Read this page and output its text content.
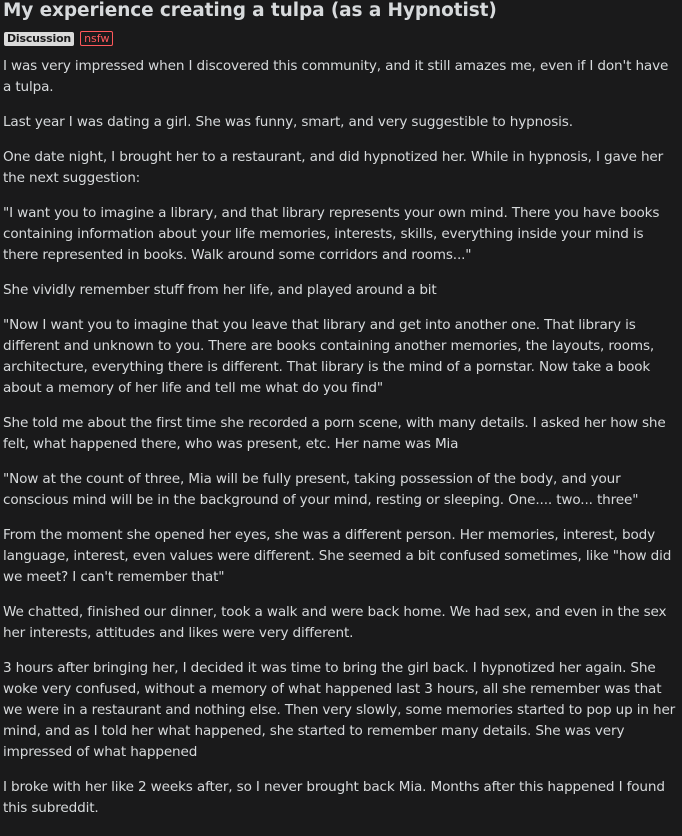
My experience creating a tulpa (as a Hypnotist)
Discussion	nsfw

I was very impressed when I discovered this community, and it still amazes me, even if I don't have a tulpa.

Last year I was dating a girl. She was funny, smart, and very suggestible to hypnosis.

One date night, I brought her to a restaurant, and did hypnotized her. While in hypnosis, I gave her the next suggestion:

"I want you to imagine a library, and that library represents your own mind. There you have books containing information about your life memories, interests, skills, everything inside your mind is there represented in books. Walk around some corridors and rooms..."

She vividly remember stuff from her life, and played around a bit

"Now I want you to imagine that you leave that library and get into another one. That library is different and unknown to you. There are books containing another memories, the layouts, rooms, architecture, everything there is different. That library is the mind of a pornstar. Now take a book about a memory of her life and tell me what do you find"

She told me about the first time she recorded a porn scene, with many details. I asked her how she felt, what happened there, who was present, etc. Her name was Mia

"Now at the count of three, Mia will be fully present, taking possession of the body, and your conscious mind will be in the background of your mind, resting or sleeping. One.... two... three"

From the moment she opened her eyes, she was a different person. Her memories, interest, body language, interest, even values were different. She seemed a bit confused sometimes, like "how did we meet? I can't remember that"

We chatted, finished our dinner, took a walk and were back home. We had sex, and even in the sex her interests, attitudes and likes were very different.

3 hours after bringing her, I decided it was time to bring the girl back. I hypnotized her again. She woke very confused, without a memory of what happened last 3 hours, all she remember was that we were in a restaurant and nothing else. Then very slowly, some memories started to pop up in her mind, and as I told her what happened, she started to remember many details. She was very impressed of what happened

I broke with her like 2 weeks after, so I never brought back Mia. Months after this happened I found this subreddit.
